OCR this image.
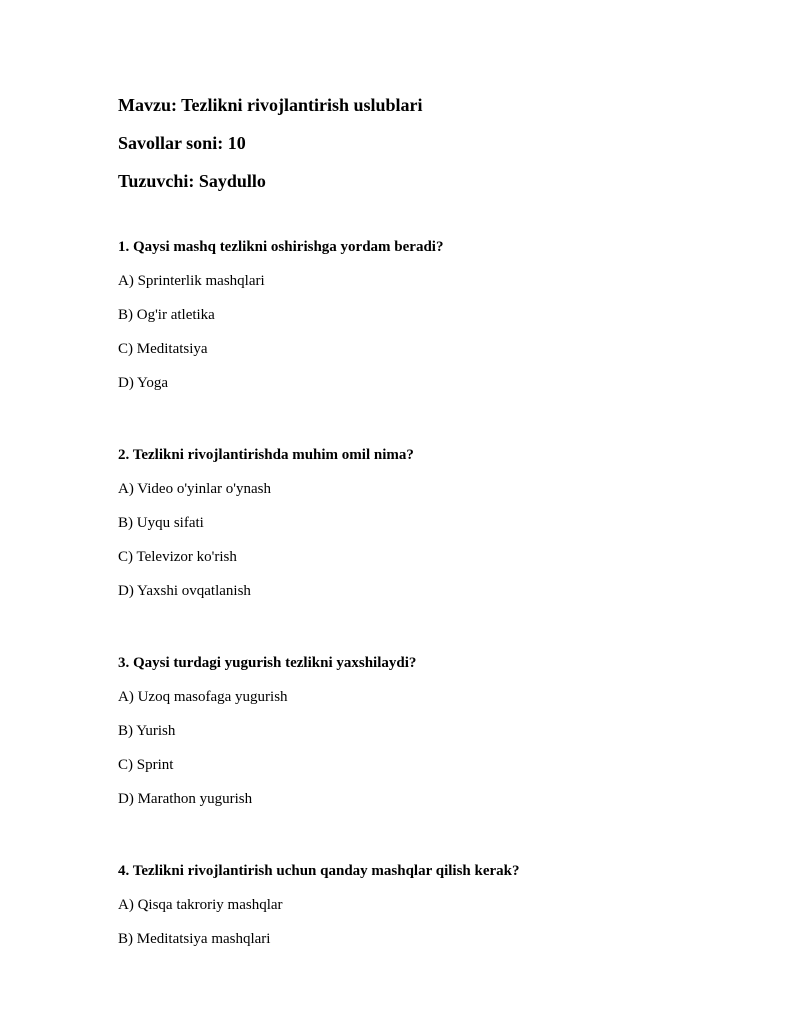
Mavzu: Tezlikni rivojlantirish uslublari
Savollar soni: 10
Tuzuvchi: Saydullo
1. Qaysi mashq tezlikni oshirishga yordam beradi?
A) Sprinterlik mashqlari
B) Og'ir atletika
C) Meditatsiya
D) Yoga
2. Tezlikni rivojlantirishda muhim omil nima?
A) Video o'yinlar o'ynash
B) Uyqu sifati
C) Televizor ko'rish
D) Yaxshi ovqatlanish
3. Qaysi turdagi yugurish tezlikni yaxshilaydi?
A) Uzoq masofaga yugurish
B) Yurish
C) Sprint
D) Marathon yugurish
4. Tezlikni rivojlantirish uchun qanday mashqlar qilish kerak?
A) Qisqa takroriy mashqlar
B) Meditatsiya mashqlari
